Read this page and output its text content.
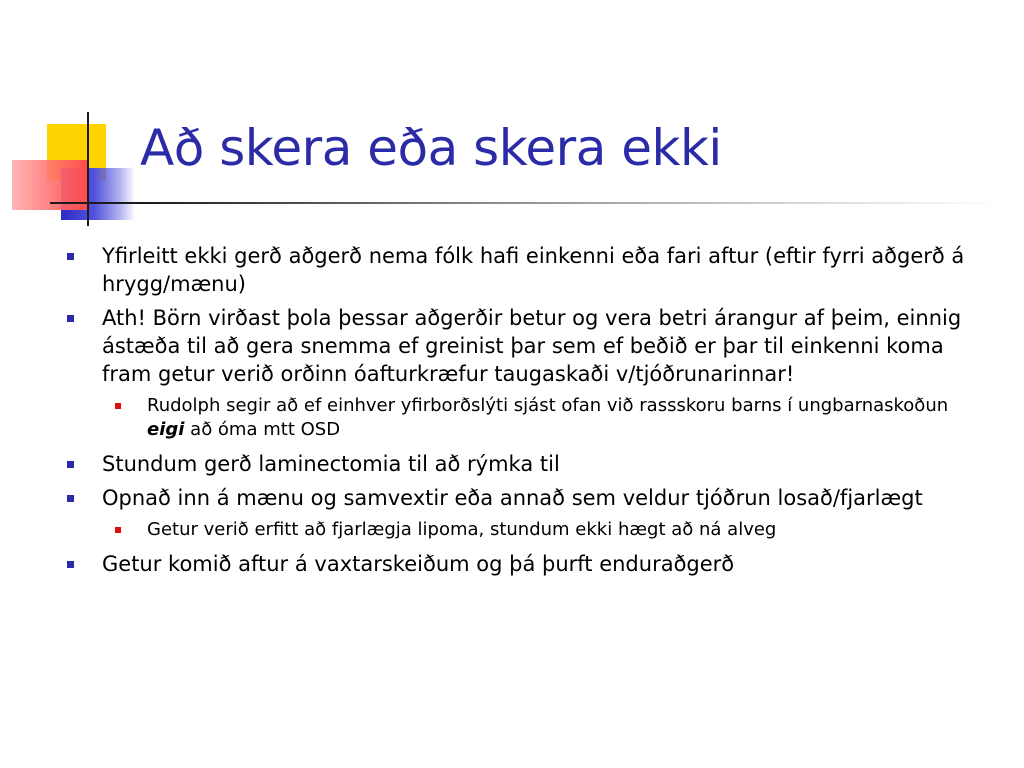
Að skera eða skera ekki
Yfirleitt ekki gerð aðgerð nema fólk hafi einkenni eða fari aftur (eftir fyrri aðgerð á hrygg/mænu)
Ath! Börn virðast þola þessar aðgerðir betur og vera betri árangur af þeim, einnig ástæða til að gera snemma ef greinist þar sem ef beðið er þar til einkenni koma fram getur verið orðinn óafturkræfur taugaskaði v/tjóðrunarinnar!
Rudolph segir að ef einhver yfirborðslýti sjást ofan við rassskoru barns í ungbarnaskoðun eigi að óma mtt OSD
Stundum gerð laminectomia til að rýmka til
Opnað inn á mænu og samvextir eða annað sem veldur tjóðrun losað/fjarlægt
Getur verið erfitt að fjarlægja lipoma, stundum ekki hægt að ná alveg
Getur komið aftur á vaxtarskeiðum og þá þurft enduraðgerð
